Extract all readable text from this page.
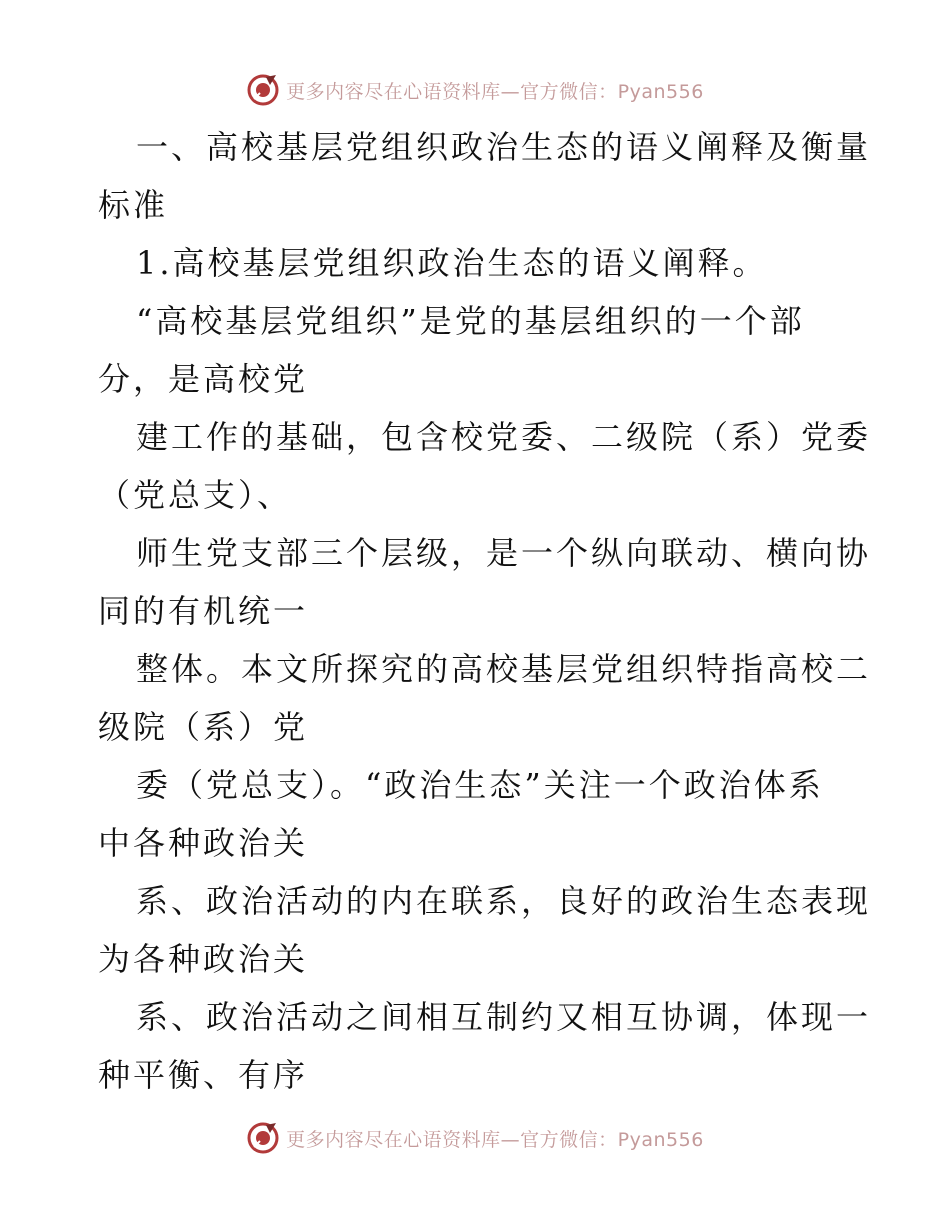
更多内容尽在心语资料库—官方微信：Pyan556
一、高校基层党组织政治生态的语义阐释及衡量
标准
1.高校基层党组织政治生态的语义阐释。
“高校基层党组织”是党的基层组织的一个部
分，是高校党
建工作的基础，包含校党委、二级院（系）党委
（党总支）、
师生党支部三个层级，是一个纵向联动、横向协
同的有机统一
整体。本文所探究的高校基层党组织特指高校二
级院（系）党
委（党总支）。“政治生态”关注一个政治体系
中各种政治关
系、政治活动的内在联系，良好的政治生态表现
为各种政治关
系、政治活动之间相互制约又相互协调，体现一
种平衡、有序
更多内容尽在心语资料库—官方微信：Pyan556
